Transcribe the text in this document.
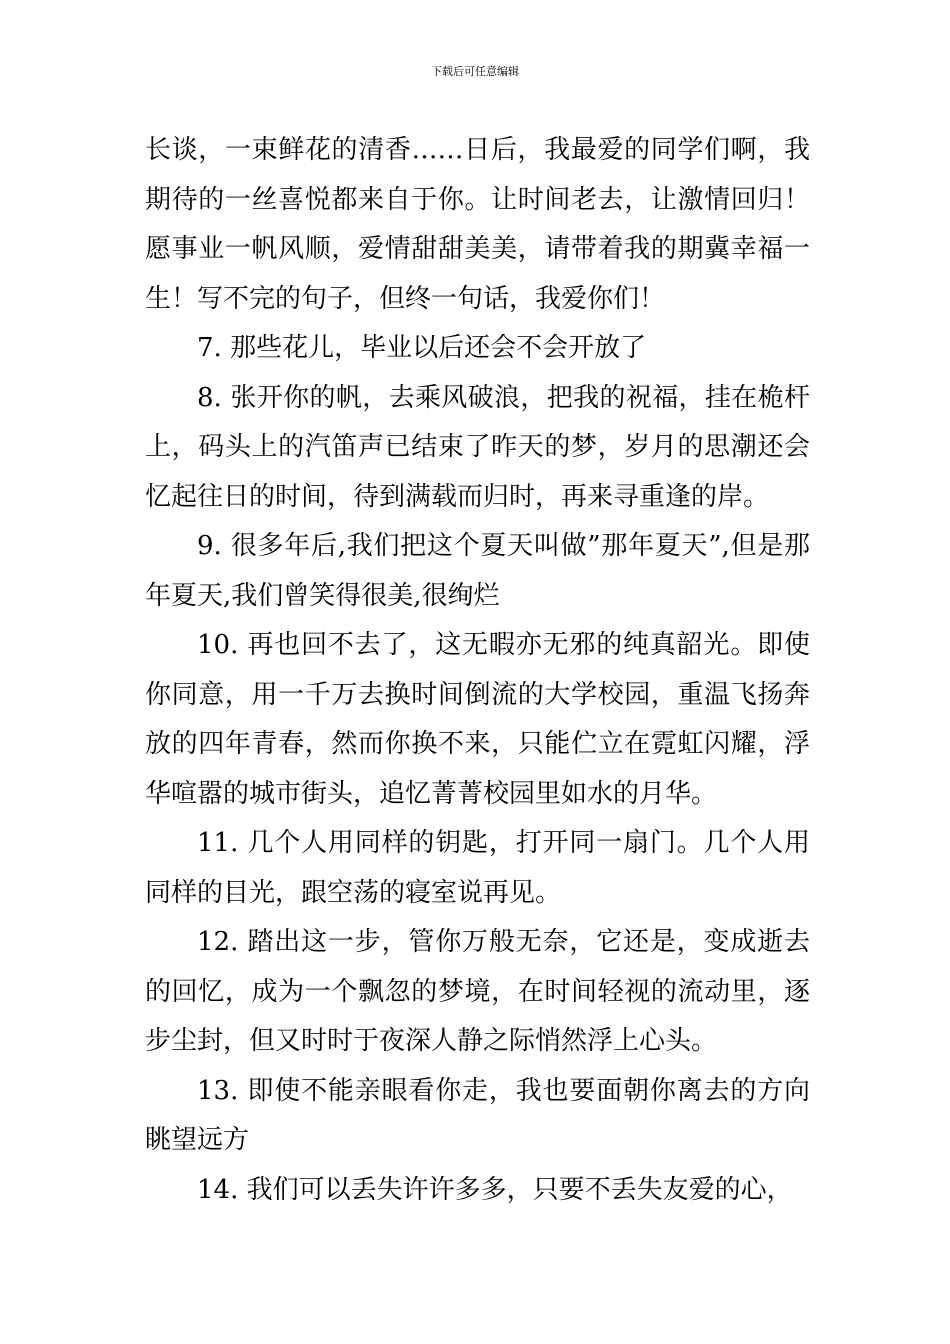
下载后可任意编辑

长谈，一束鲜花的清香……日后，我最爱的同学们啊，我期待的一丝喜悦都来自于你。让时间老去，让激情回归！愿事业一帆风顺，爱情甜甜美美，请带着我的期冀幸福一生！写不完的句子，但终一句话，我爱你们！

7. 那些花儿，毕业以后还会不会开放了

8. 张开你的帆，去乘风破浪，把我的祝福，挂在桅杆上，码头上的汽笛声已结束了昨天的梦，岁月的思潮还会忆起往日的时间，待到满载而归时，再来寻重逢的岸。

9. 很多年后,我们把这个夏天叫做”那年夏天”,但是那年夏天,我们曾笑得很美,很绚烂

10. 再也回不去了，这无暇亦无邪的纯真韶光。即使你同意，用一千万去换时间倒流的大学校园，重温飞扬奔放的四年青春，然而你换不来，只能伫立在霓虹闪耀，浮华喧嚣的城市街头，追忆菁菁校园里如水的月华。

11. 几个人用同样的钥匙，打开同一扇门。几个人用同样的目光，跟空荡的寝室说再见。

12. 踏出这一步，管你万般无奈，它还是，变成逝去的回忆，成为一个飘忽的梦境，在时间轻视的流动里，逐步尘封，但又时时于夜深人静之际悄然浮上心头。

13. 即使不能亲眼看你走，我也要面朝你离去的方向眺望远方

14. 我们可以丢失许许多多，只要不丢失友爱的心，
